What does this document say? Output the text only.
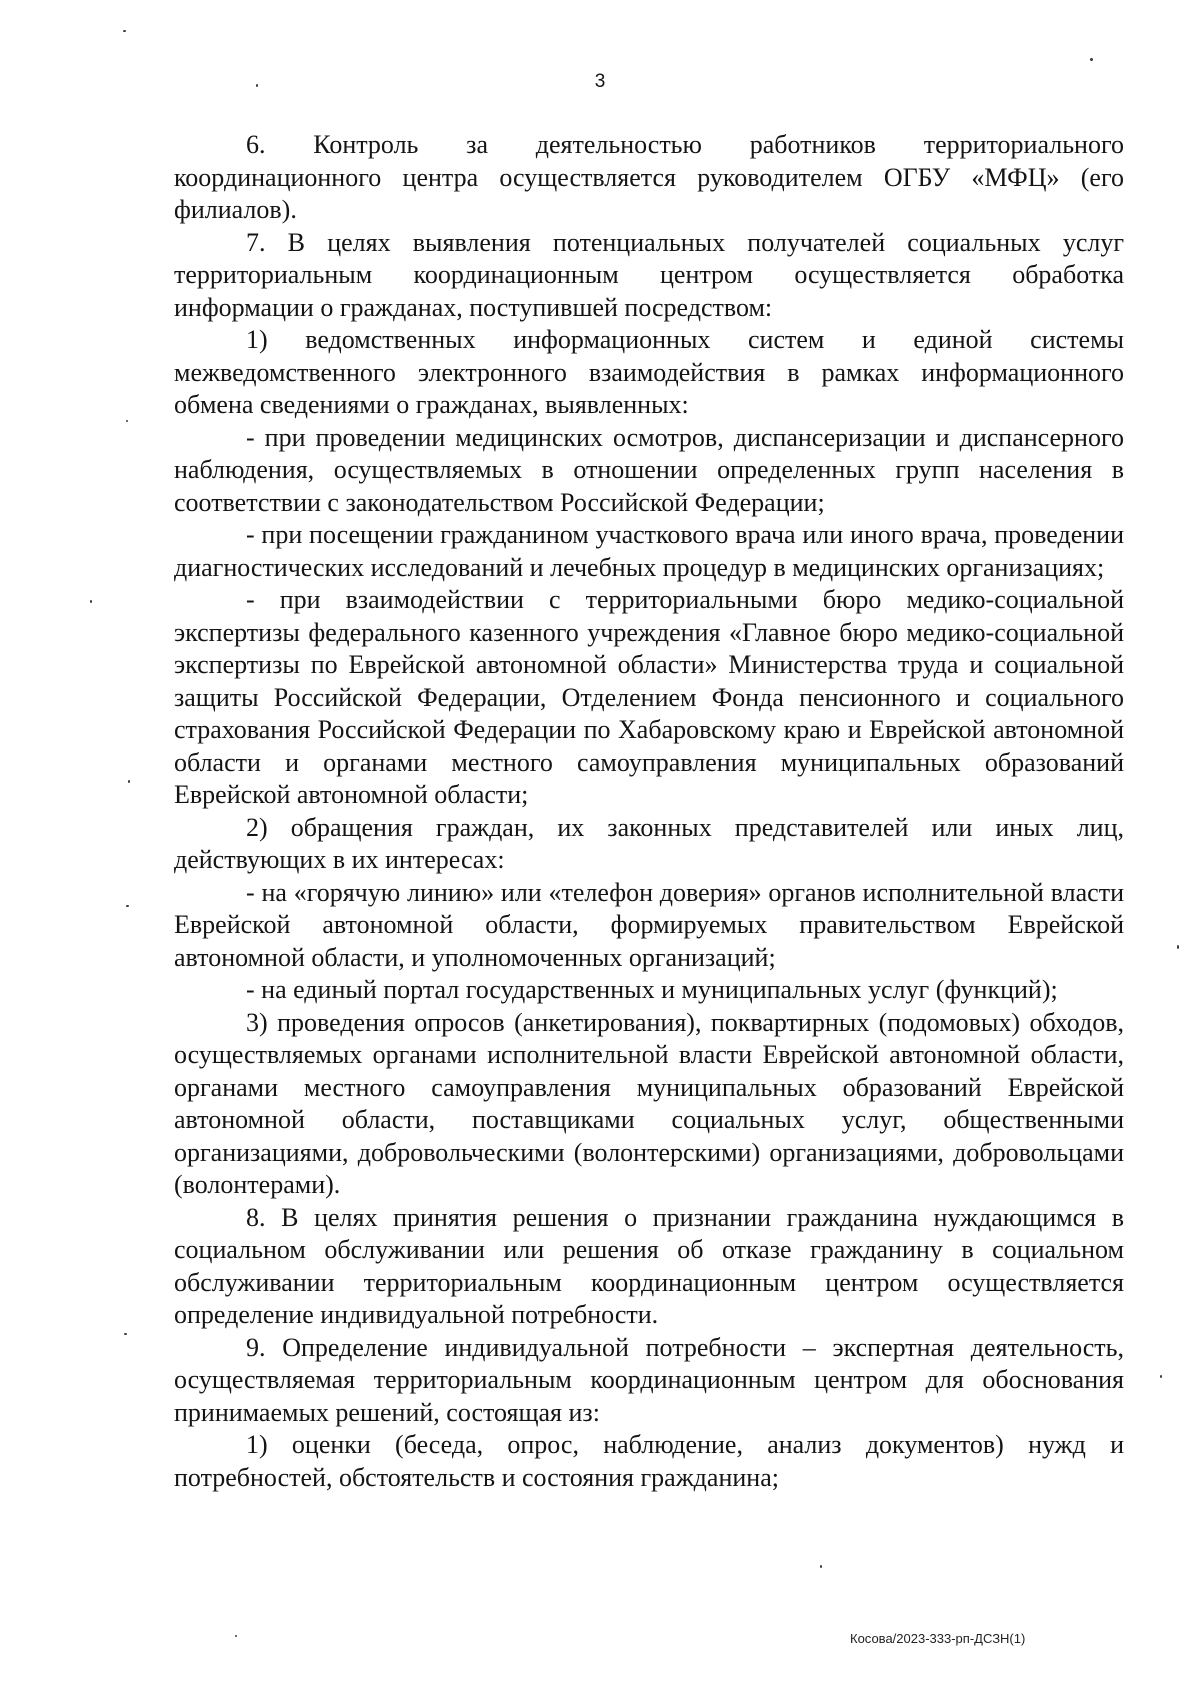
3

6. Контроль за деятельностью работников территориального координационного центра осуществляется руководителем ОГБУ «МФЦ» (его филиалов).

7. В целях выявления потенциальных получателей социальных услуг территориальным координационным центром осуществляется обработка информации о гражданах, поступившей посредством:

1) ведомственных информационных систем и единой системы межведомственного электронного взаимодействия в рамках информационного обмена сведениями о гражданах, выявленных:

- при проведении медицинских осмотров, диспансеризации и диспансерного наблюдения, осуществляемых в отношении определенных групп населения в соответствии с законодательством Российской Федерации;

- при посещении гражданином участкового врача или иного врача, проведении диагностических исследований и лечебных процедур в медицинских организациях;

- при взаимодействии с территориальными бюро медико-социальной экспертизы федерального казенного учреждения «Главное бюро медико-социальной экспертизы по Еврейской автономной области» Министерства труда и социальной защиты Российской Федерации, Отделением Фонда пенсионного и социального страхования Российской Федерации по Хабаровскому краю и Еврейской автономной области и органами местного самоуправления муниципальных образований Еврейской автономной области;

2) обращения граждан, их законных представителей или иных лиц, действующих в их интересах:

- на «горячую линию» или «телефон доверия» органов исполнительной власти Еврейской автономной области, формируемых правительством Еврейской автономной области, и уполномоченных организаций;

- на единый портал государственных и муниципальных услуг (функций);

3) проведения опросов (анкетирования), поквартирных (подомовых) обходов, осуществляемых органами исполнительной власти Еврейской автономной области, органами местного самоуправления муниципальных образований Еврейской автономной области, поставщиками социальных услуг, общественными организациями, добровольческими (волонтерскими) организациями, добровольцами (волонтерами).

8. В целях принятия решения о признании гражданина нуждающимся в социальном обслуживании или решения об отказе гражданину в социальном обслуживании территориальным координационным центром осуществляется определение индивидуальной потребности.

9. Определение индивидуальной потребности – экспертная деятельность, осуществляемая территориальным координационным центром для обоснования принимаемых решений, состоящая из:

1) оценки (беседа, опрос, наблюдение, анализ документов) нужд и потребностей, обстоятельств и состояния гражданина;

Косова/2023-333-рп-ДСЗН(1)
